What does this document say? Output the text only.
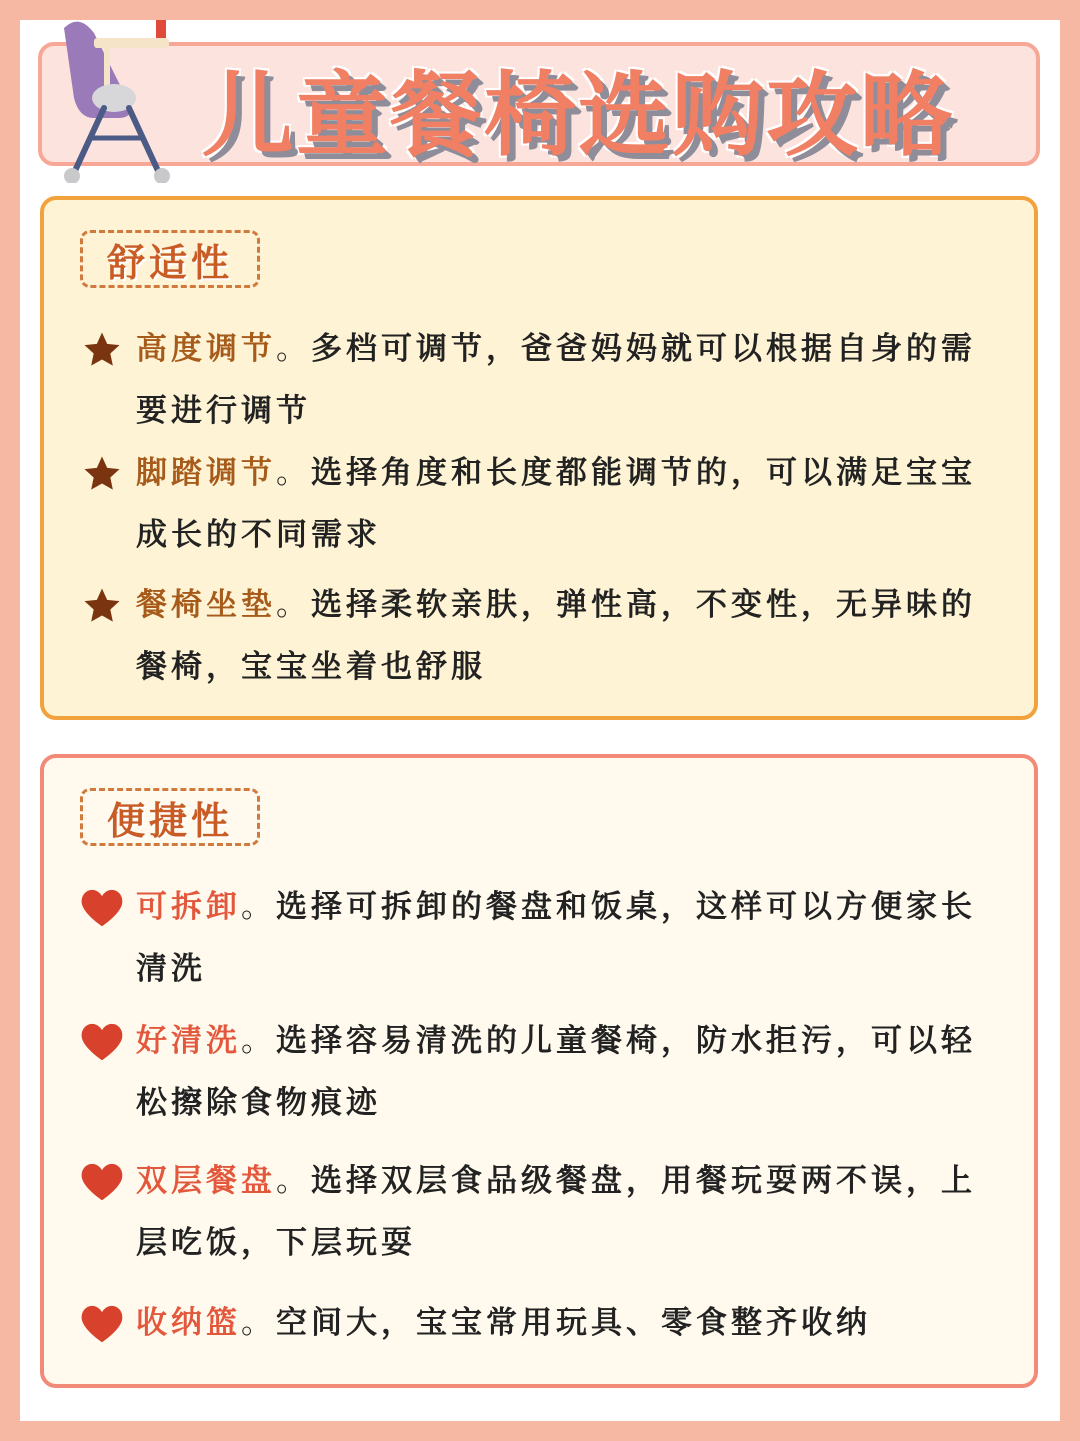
儿童餐椅选购攻略
舒适性
高度调节。多档可调节，爸爸妈妈就可以根据自身的需要进行调节
脚踏调节。选择角度和长度都能调节的，可以满足宝宝成长的不同需求
餐椅坐垫。选择柔软亲肤，弹性高，不变性，无异味的餐椅，宝宝坐着也舒服
便捷性
可拆卸。选择可拆卸的餐盘和饭桌，这样可以方便家长清洗
好清洗。选择容易清洗的儿童餐椅，防水拒污，可以轻松擦除食物痕迹
双层餐盘。选择双层食品级餐盘，用餐玩耍两不误，上层吃饭，下层玩耍
收纳篮。空间大，宝宝常用玩具、零食整齐收纳
